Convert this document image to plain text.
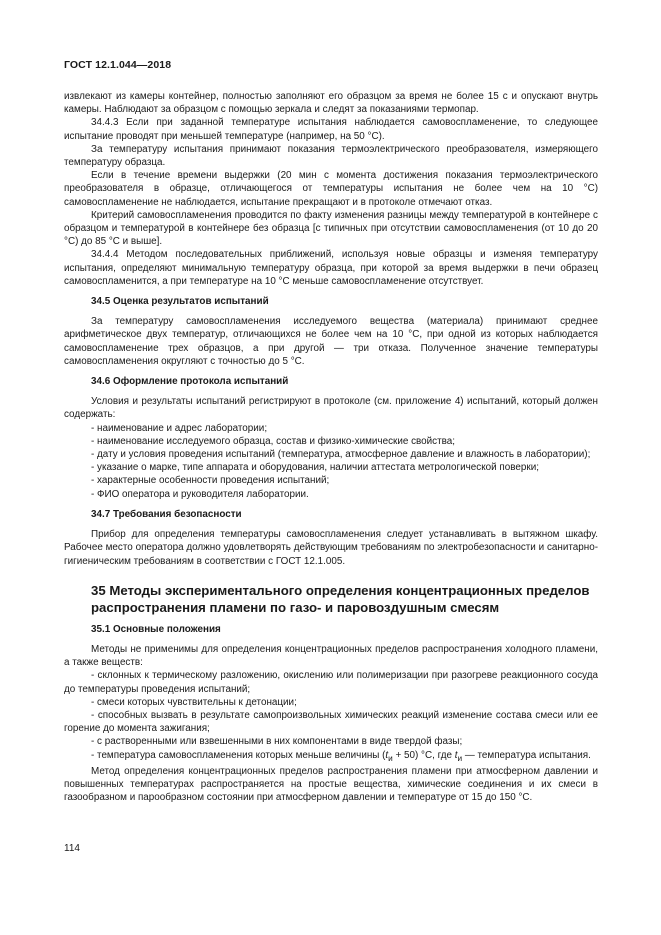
ГОСТ 12.1.044—2018

извлекают из камеры контейнер, полностью заполняют его образцом за время не более 15 с и опускают внутрь камеры. Наблюдают за образцом с помощью зеркала и следят за показаниями термопар.

34.4.3 Если при заданной температуре испытания наблюдается самовоспламенение, то следующее испытание проводят при меньшей температуре (например, на 50 °С).

За температуру испытания принимают показания термоэлектрического преобразователя, измеряющего температуру образца.

Если в течение времени выдержки (20 мин с момента достижения показания термоэлектрического преобразователя в образце, отличающегося от температуры испытания не более чем на 10 °С) самовоспламенение не наблюдается, испытание прекращают и в протоколе отмечают отказ.

Критерий самовоспламенения проводится по факту изменения разницы между температурой в контейнере с образцом и температурой в контейнере без образца [с типичных при отсутствии самовоспламенения (от 10 до 20 °С) до 85 °С и выше].

34.4.4 Методом последовательных приближений, используя новые образцы и изменяя температуру испытания, определяют минимальную температуру образца, при которой за время выдержки в печи образец самовоспламенится, а при температуре на 10 °С меньше самовоспламенение отсутствует.

34.5 Оценка результатов испытаний

За температуру самовоспламенения исследуемого вещества (материала) принимают среднее арифметическое двух температур, отличающихся не более чем на 10 °С, при одной из которых наблюдается самовоспламенение трех образцов, а при другой — три отказа. Полученное значение температуры самовоспламенения округляют с точностью до 5 °С.

34.6 Оформление протокола испытаний

Условия и результаты испытаний регистрируют в протоколе (см. приложение 4) испытаний, который должен содержать:

- наименование и адрес лаборатории;

- наименование исследуемого образца, состав и физико-химические свойства;

- дату и условия проведения испытаний (температура, атмосферное давление и влажность в лаборатории);

- указание о марке, типе аппарата и оборудования, наличии аттестата метрологической поверки;

- характерные особенности проведения испытаний;

- ФИО оператора и руководителя лаборатории.

34.7 Требования безопасности

Прибор для определения температуры самовоспламенения следует устанавливать в вытяжном шкафу. Рабочее место оператора должно удовлетворять действующим требованиям по электробезопасности и санитарно-гигиеническим требованиям в соответствии с ГОСТ 12.1.005.

35 Методы экспериментального определения концентрационных пределов распространения пламени по газо- и паровоздушным смесям

35.1 Основные положения

Методы не применимы для определения концентрационных пределов распространения холодного пламени, а также веществ:

- склонных к термическому разложению, окислению или полимеризации при разогреве реакционного сосуда до температуры проведения испытаний;

- смеси которых чувствительны к детонации;

- способных вызвать в результате самопроизвольных химических реакций изменение состава смеси или ее горение до момента зажигания;

- с растворенными или взвешенными в них компонентами в виде твердой фазы;

- температура самовоспламенения которых меньше величины $(t_и + 50)$ °С, где $t_и$ — температура испытания.

Метод определения концентрационных пределов распространения пламени при атмосферном давлении и повышенных температурах распространяется на простые вещества, химические соединения и их смеси в газообразном и парообразном состоянии при атмосферном давлении и температуре от 15 до 150 °С.

114
